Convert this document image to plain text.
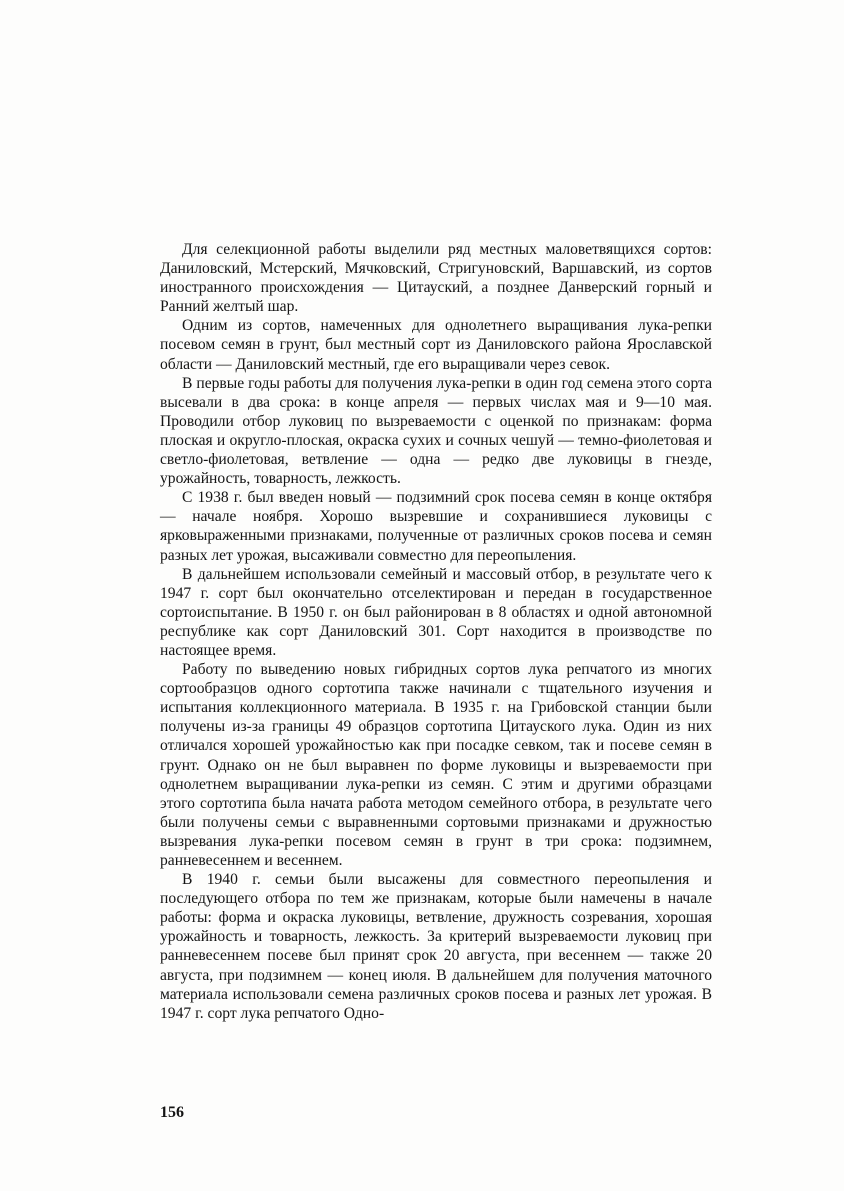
Для селекционной работы выделили ряд местных маловетвящихся сортов: Даниловский, Мстерский, Мячковский, Стригуновский, Варшавский, из сортов иностранного происхождения — Цитауский, а позднее Данверский горный и Ранний желтый шар.

Одним из сортов, намеченных для однолетнего выращивания лука-репки посевом семян в грунт, был местный сорт из Даниловского района Ярославской области — Даниловский местный, где его выращивали через севок.

В первые годы работы для получения лука-репки в один год семена этого сорта высевали в два срока: в конце апреля — первых числах мая и 9—10 мая. Проводили отбор луковиц по вызреваемости с оценкой по признакам: форма плоская и округло-плоская, окраска сухих и сочных чешуй — темно-фиолетовая и светло-фиолетовая, ветвление — одна — редко две луковицы в гнезде, урожайность, товарность, лежкость.

С 1938 г. был введен новый — подзимний срок посева семян в конце октября — начале ноября. Хорошо вызревшие и сохранившиеся луковицы с ярковыраженными признаками, полученные от различных сроков посева и семян разных лет урожая, высаживали совместно для переопыления.

В дальнейшем использовали семейный и массовый отбор, в результате чего к 1947 г. сорт был окончательно отселектирован и передан в государственное сортоиспытание. В 1950 г. он был районирован в 8 областях и одной автономной республике как сорт Даниловский 301. Сорт находится в производстве по настоящее время.

Работу по выведению новых гибридных сортов лука репчатого из многих сортообразцов одного сортотипа также начинали с тщательного изучения и испытания коллекционного материала. В 1935 г. на Грибовской станции были получены из-за границы 49 образцов сортотипа Цитауского лука. Один из них отличался хорошей урожайностью как при посадке севком, так и посеве семян в грунт. Однако он не был выравнен по форме луковицы и вызреваемости при однолетнем выращивании лука-репки из семян. С этим и другими образцами этого сортотипа была начата работа методом семейного отбора, в результате чего были получены семьи с выравненными сортовыми признаками и дружностью вызревания лука-репки посевом семян в грунт в три срока: подзимнем, ранневесеннем и весеннем.

В 1940 г. семьи были высажены для совместного переопыления и последующего отбора по тем же признакам, которые были намечены в начале работы: форма и окраска луковицы, ветвление, дружность созревания, хорошая урожайность и товарность, лежкость. За критерий вызреваемости луковиц при ранневесеннем посеве был принят срок 20 августа, при весеннем — также 20 августа, при подзимнем — конец июля. В дальнейшем для получения маточного материала использовали семена различных сроков посева и разных лет урожая. В 1947 г. сорт лука репчатого Одно-

156
